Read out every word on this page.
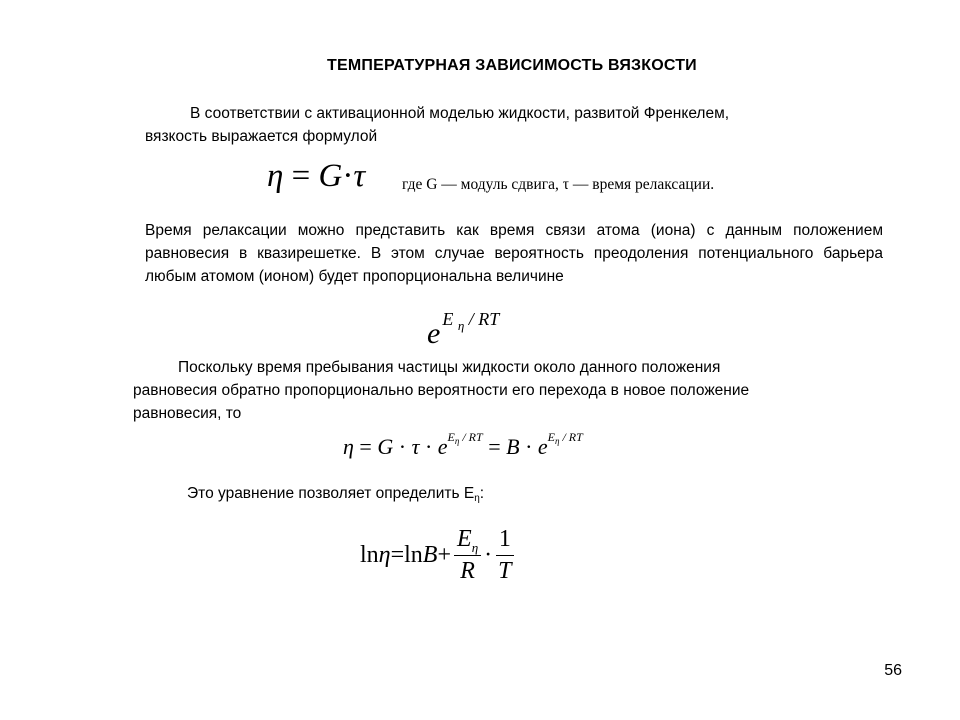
ТЕМПЕРАТУРНАЯ ЗАВИСИМОСТЬ ВЯЗКОСТИ
В соответствии с активационной моделью жидкости, развитой Френкелем,
вязкость выражается формулой
η = G·τ где G — модуль сдвига, τ — время релаксации.
Время релаксации можно представить как время связи атома (иона) с данным положением равновесия в квазирешетке. В этом случае вероятность преодоления потенциального барьера любым атомом (ионом) будет пропорциональна величине
e E $_\eta$ / RT
Поскольку время пребывания частицы жидкости около данного положения
равновесия обратно пропорционально вероятности его перехода в новое положение
равновесия, то
$\eta = G \cdot \tau \cdot e^{E_\eta / RT} = B \cdot e^{E_\eta / RT}$
Это уравнение позволяет определить $E_\eta$:
$\ln \eta = \ln B + \frac{E_\eta}{R} \cdot \frac{1}{T}$
56
